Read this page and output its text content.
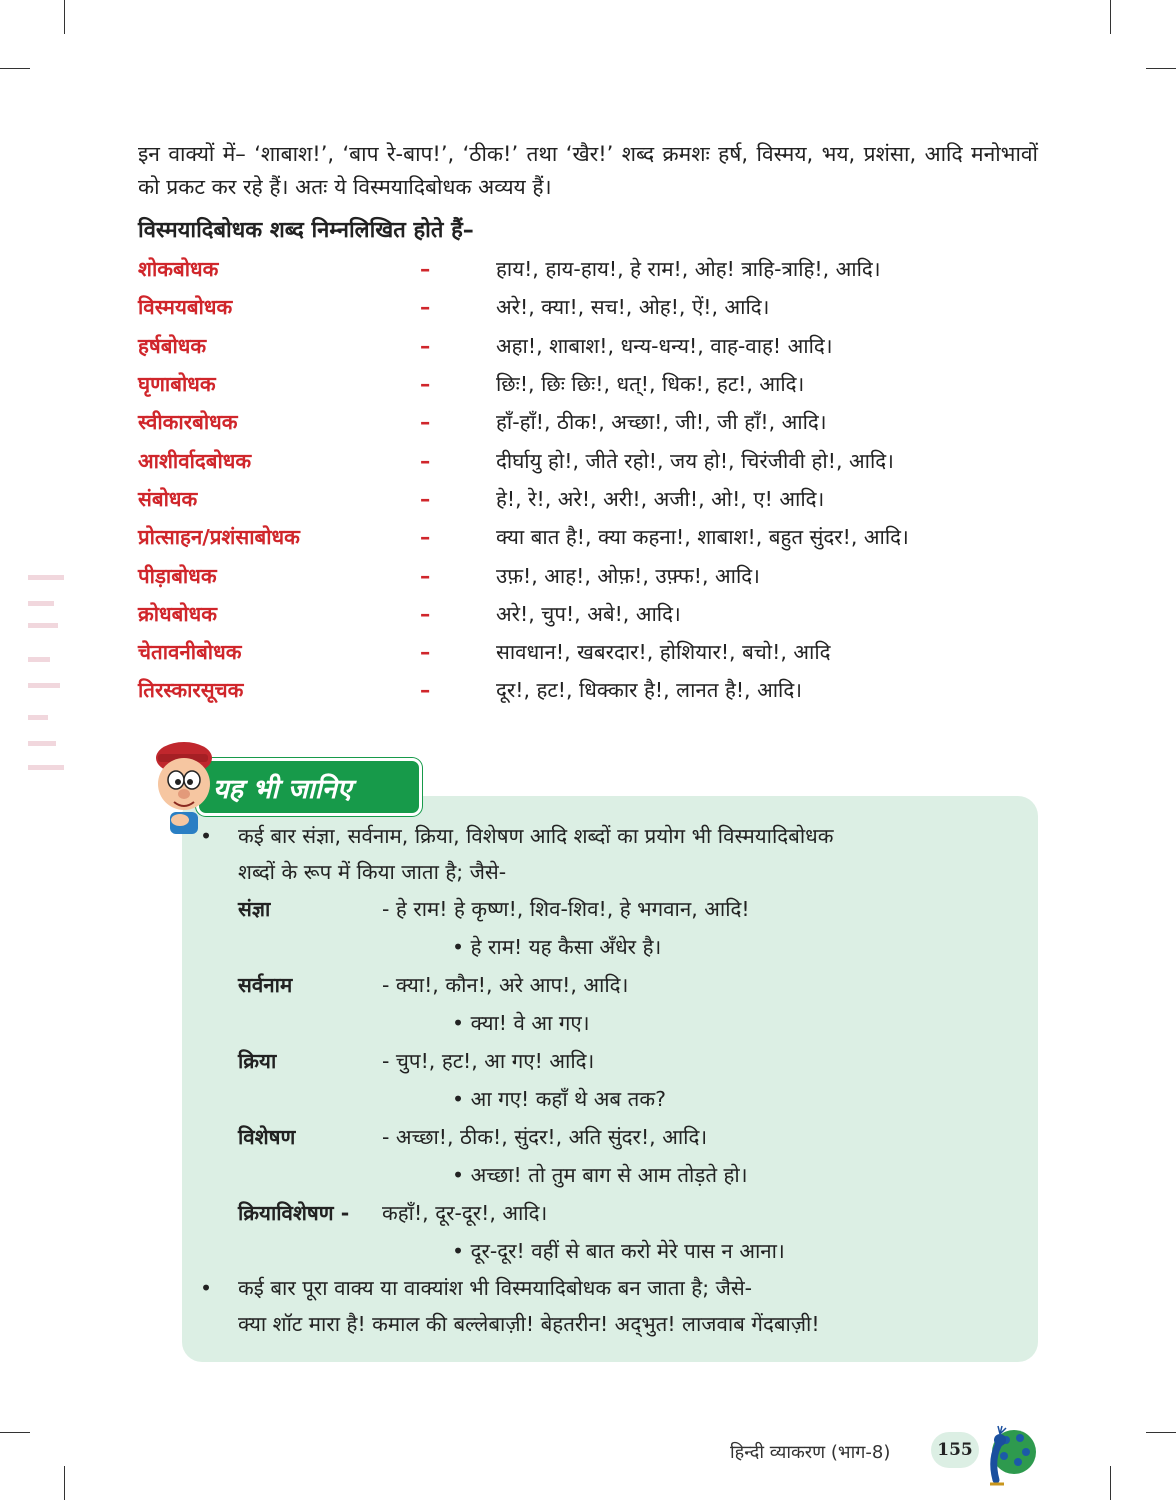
इन वाक्यों में– ‘शाबाश!’, ‘बाप रे-बाप!’, ‘ठीक!’ तथा ‘खैर!’ शब्द क्रमशः हर्ष, विस्मय, भय, प्रशंसा, आदि मनोभावों को प्रकट कर रहे हैं। अतः ये विस्मयादिबोधक अव्यय हैं।

विस्मयादिबोधक शब्द निम्नलिखित होते हैं–

शोकबोधक	–	हाय!, हाय-हाय!, हे राम!, ओह! त्राहि-त्राहि!, आदि।
विस्मयबोधक	–	अरे!, क्या!, सच!, ओह!, ऐं!, आदि।
हर्षबोधक	–	अहा!, शाबाश!, धन्य-धन्य!, वाह-वाह! आदि।
घृणाबोधक	–	छिः!, छिः छिः!, धत्!, धिक!, हट!, आदि।
स्वीकारबोधक	–	हाँ-हाँ!, ठीक!, अच्छा!, जी!, जी हाँ!, आदि।
आशीर्वादबोधक	–	दीर्घायु हो!, जीते रहो!, जय हो!, चिरंजीवी हो!, आदि।
संबोधक	–	हे!, रे!, अरे!, अरी!, अजी!, ओ!, ए! आदि।
प्रोत्साहन/प्रशंसाबोधक	–	क्या बात है!, क्या कहना!, शाबाश!, बहुत सुंदर!, आदि।
पीड़ाबोधक	–	उफ़!, आह!, ओफ़!, उफ़्फ!, आदि।
क्रोधबोधक	–	अरे!, चुप!, अबे!, आदि।
चेतावनीबोधक	–	सावधान!, खबरदार!, होशियार!, बचो!, आदि
तिरस्कारसूचक	–	दूर!, हट!, धिक्कार है!, लानत है!, आदि।
यह भी जानिए
•	कई बार संज्ञा, सर्वनाम, क्रिया, विशेषण आदि शब्दों का प्रयोग भी विस्मयादिबोधक
शब्दों के रूप में किया जाता है; जैसे-
संज्ञा	- हे राम! हे कृष्ण!, शिव-शिव!, हे भगवान, आदि!
• हे राम! यह कैसा अँधेर है।
सर्वनाम	- क्या!, कौन!, अरे आप!, आदि।
• क्या! वे आ गए।
क्रिया	- चुप!, हट!, आ गए! आदि।
• आ गए! कहाँ थे अब तक?
विशेषण	- अच्छा!, ठीक!, सुंदर!, अति सुंदर!, आदि।
• अच्छा! तो तुम बाग से आम तोड़ते हो।
क्रियाविशेषण - कहाँ!, दूर-दूर!, आदि।
• दूर-दूर! वहीं से बात करो मेरे पास न आना।
•	कई बार पूरा वाक्य या वाक्यांश भी विस्मयादिबोधक बन जाता है; जैसे-
क्या शॉट मारा है! कमाल की बल्लेबाज़ी! बेहतरीन! अद्‌भुत! लाजवाब गेंदबाज़ी!
हिन्दी व्याकरण (भाग-8)	155
